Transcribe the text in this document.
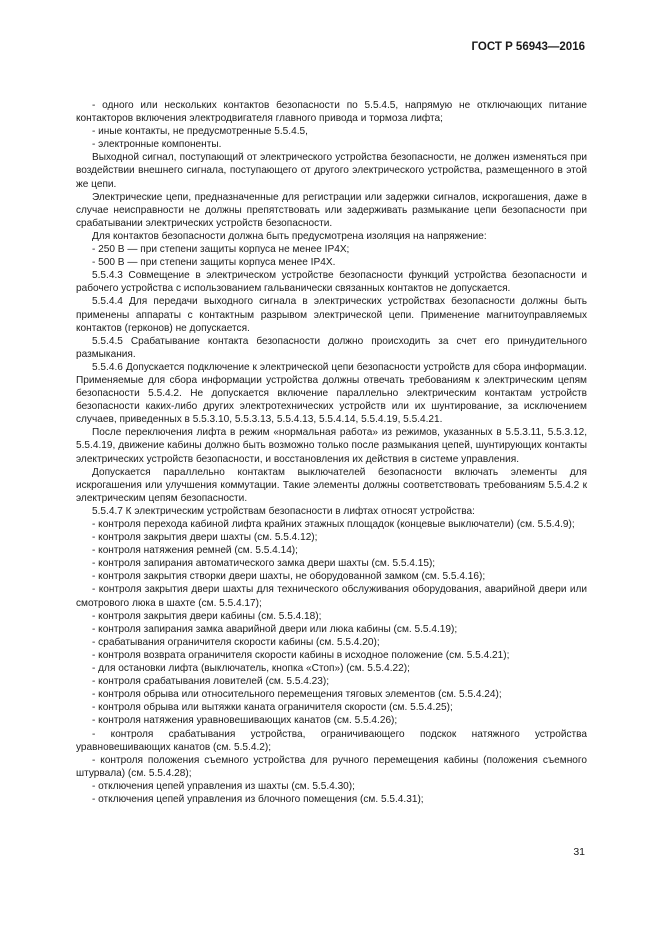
ГОСТ Р 56943—2016

- одного или нескольких контактов безопасности по 5.5.4.5, напрямую не отключающих питание контакторов включения электродвигателя главного привода и тормоза лифта;

- иные контакты, не предусмотренные 5.5.4.5,

- электронные компоненты.

Выходной сигнал, поступающий от электрического устройства безопасности, не должен изменяться при воздействии внешнего сигнала, поступающего от другого электрического устройства, размещенного в этой же цепи.

Электрические цепи, предназначенные для регистрации или задержки сигналов, искрогашения, даже в случае неисправности не должны препятствовать или задерживать размыкание цепи безопасности при срабатывании электрических устройств безопасности.

Для контактов безопасности должна быть предусмотрена изоляция на напряжение:

- 250 В — при степени защиты корпуса не менее IP4X;

- 500 В — при степени защиты корпуса менее IP4X.

5.5.4.3 Совмещение в электрическом устройстве безопасности функций устройства безопасности и рабочего устройства с использованием гальванически связанных контактов не допускается.

5.5.4.4 Для передачи выходного сигнала в электрических устройствах безопасности должны быть применены аппараты с контактным разрывом электрической цепи. Применение магнитоуправляемых контактов (герконов) не допускается.

5.5.4.5 Срабатывание контакта безопасности должно происходить за счет его принудительного размыкания.

5.5.4.6 Допускается подключение к электрической цепи безопасности устройств для сбора информации. Применяемые для сбора информации устройства должны отвечать требованиям к электрическим цепям безопасности 5.5.4.2. Не допускается включение параллельно электрическим контактам устройств безопасности каких-либо других электротехнических устройств или их шунтирование, за исключением случаев, приведенных в 5.5.3.10, 5.5.3.13, 5.5.4.13, 5.5.4.14, 5.5.4.19, 5.5.4.21.

После переключения лифта в режим «нормальная работа» из режимов, указанных в 5.5.3.11, 5.5.3.12, 5.5.4.19, движение кабины должно быть возможно только после размыкания цепей, шунтирующих контакты электрических устройств безопасности, и восстановления их действия в системе управления.

Допускается параллельно контактам выключателей безопасности включать элементы для искрогашения или улучшения коммутации. Такие элементы должны соответствовать требованиям 5.5.4.2 к электрическим цепям безопасности.

5.5.4.7 К электрическим устройствам безопасности в лифтах относят устройства:

- контроля перехода кабиной лифта крайних этажных площадок (концевые выключатели) (см. 5.5.4.9);

- контроля закрытия двери шахты (см. 5.5.4.12);

- контроля натяжения ремней (см. 5.5.4.14);

- контроля запирания автоматического замка двери шахты (см. 5.5.4.15);

- контроля закрытия створки двери шахты, не оборудованной замком (см. 5.5.4.16);

- контроля закрытия двери шахты для технического обслуживания оборудования, аварийной двери или смотрового люка в шахте (см. 5.5.4.17);

- контроля закрытия двери кабины (см. 5.5.4.18);

- контроля запирания замка аварийной двери или люка кабины (см. 5.5.4.19);

- срабатывания ограничителя скорости кабины (см. 5.5.4.20);

- контроля возврата ограничителя скорости кабины в исходное положение (см. 5.5.4.21);

- для остановки лифта (выключатель, кнопка «Стоп») (см. 5.5.4.22);

- контроля срабатывания ловителей (см. 5.5.4.23);

- контроля обрыва или относительного перемещения тяговых элементов (см. 5.5.4.24);

- контроля обрыва или вытяжки каната ограничителя скорости (см. 5.5.4.25);

- контроля натяжения уравновешивающих канатов (см. 5.5.4.26);

- контроля срабатывания устройства, ограничивающего подскок натяжного устройства уравновешивающих канатов (см. 5.5.4.2);

- контроля положения съемного устройства для ручного перемещения кабины (положения съемного штурвала) (см. 5.5.4.28);

- отключения цепей управления из шахты (см. 5.5.4.30);

- отключения цепей управления из блочного помещения (см. 5.5.4.31);

31
